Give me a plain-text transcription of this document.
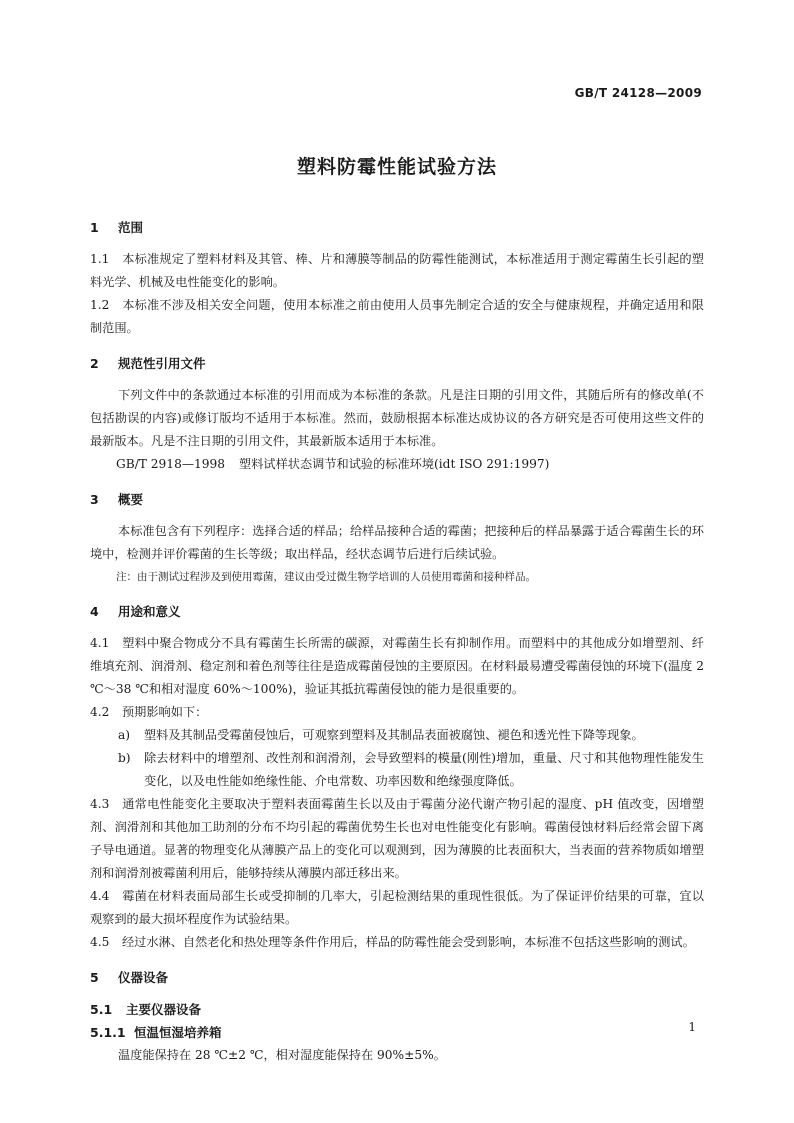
GB/T 24128—2009
塑料防霉性能试验方法
1 范围

1.1 本标准规定了塑料材料及其管、棒、片和薄膜等制品的防霉性能测试，本标准适用于测定霉菌生长引起的塑料光学、机械及电性能变化的影响。

1.2 本标准不涉及相关安全问题，使用本标准之前由使用人员事先制定合适的安全与健康规程，并确定适用和限制范围。

2 规范性引用文件

下列文件中的条款通过本标准的引用而成为本标准的条款。凡是注日期的引用文件，其随后所有的修改单(不包括勘误的内容)或修订版均不适用于本标准。然而，鼓励根据本标准达成协议的各方研究是否可使用这些文件的最新版本。凡是不注日期的引用文件，其最新版本适用于本标准。

GB/T 2918—1998 塑料试样状态调节和试验的标准环境(idt ISO 291:1997)

3 概要

本标准包含有下列程序：选择合适的样品；给样品接种合适的霉菌；把接种后的样品暴露于适合霉菌生长的环境中，检测并评价霉菌的生长等级；取出样品，经状态调节后进行后续试验。

注：由于测试过程涉及到使用霉菌，建议由受过微生物学培训的人员使用霉菌和接种样品。

4 用途和意义

4.1 塑料中聚合物成分不具有霉菌生长所需的碳源，对霉菌生长有抑制作用。而塑料中的其他成分如增塑剂、纤维填充剂、润滑剂、稳定剂和着色剂等往往是造成霉菌侵蚀的主要原因。在材料最易遭受霉菌侵蚀的环境下(温度 2 ℃～38 ℃和相对湿度 60%～100%)，验证其抵抗霉菌侵蚀的能力是很重要的。

4.2 预期影响如下：

a) 塑料及其制品受霉菌侵蚀后，可观察到塑料及其制品表面被腐蚀、褪色和透光性下降等现象。

b) 除去材料中的增塑剂、改性剂和润滑剂，会导致塑料的模量(刚性)增加，重量、尺寸和其他物理性能发生变化，以及电性能如绝缘性能、介电常数、功率因数和绝缘强度降低。

4.3 通常电性能变化主要取决于塑料表面霉菌生长以及由于霉菌分泌代谢产物引起的湿度、pH 值改变，因增塑剂、润滑剂和其他加工助剂的分布不均引起的霉菌优势生长也对电性能变化有影响。霉菌侵蚀材料后经常会留下离子导电通道。显著的物理变化从薄膜产品上的变化可以观测到，因为薄膜的比表面积大，当表面的营养物质如增塑剂和润滑剂被霉菌利用后，能够持续从薄膜内部迁移出来。

4.4 霉菌在材料表面局部生长或受抑制的几率大，引起检测结果的重现性很低。为了保证评价结果的可靠，宜以观察到的最大损坏程度作为试验结果。

4.5 经过水淋、自然老化和热处理等条件作用后，样品的防霉性能会受到影响，本标准不包括这些影响的测试。

5 仪器设备
5.1 主要仪器设备
5.1.1 恒温恒湿培养箱

温度能保持在 28 ℃±2 ℃，相对湿度能保持在 90%±5%。

1
